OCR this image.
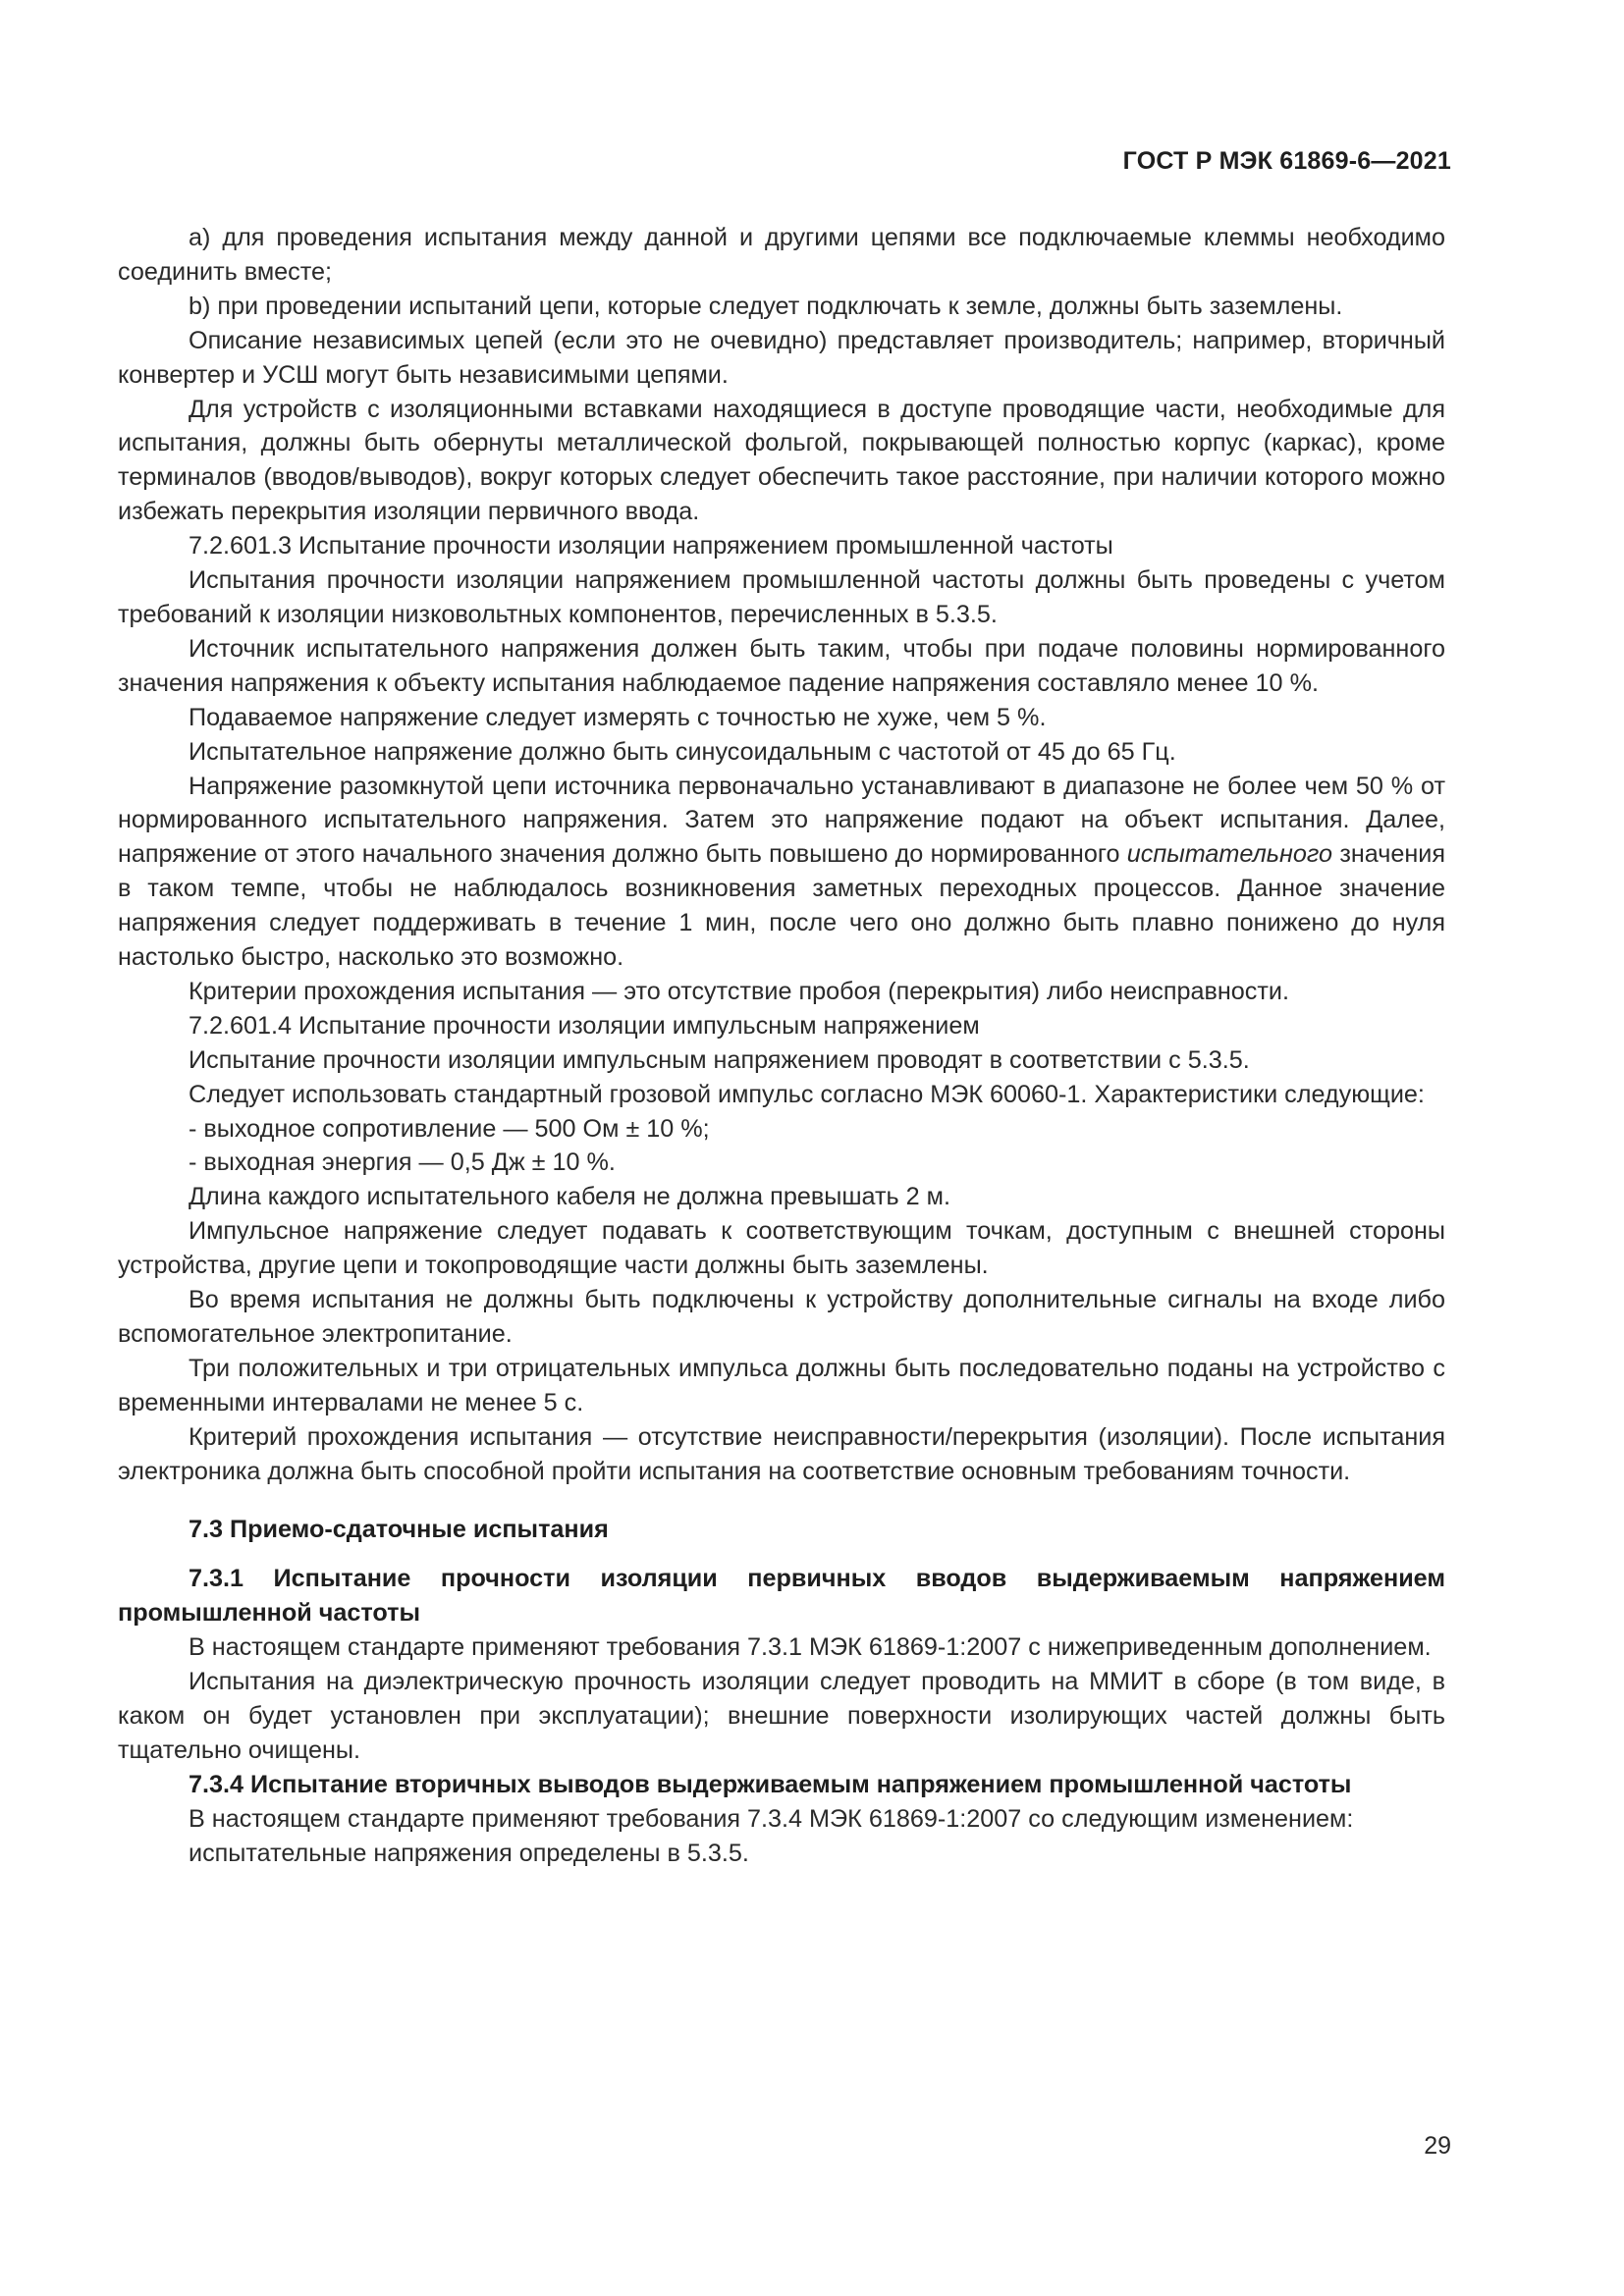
ГОСТ Р МЭК 61869-6—2021

a) для проведения испытания между данной и другими цепями все подключаемые клеммы необходимо соединить вместе;

b) при проведении испытаний цепи, которые следует подключать к земле, должны быть заземлены.

Описание независимых цепей (если это не очевидно) представляет производитель; например, вторичный конвертер и УСШ могут быть независимыми цепями.

Для устройств с изоляционными вставками находящиеся в доступе проводящие части, необходимые для испытания, должны быть обернуты металлической фольгой, покрывающей полностью корпус (каркас), кроме терминалов (вводов/выводов), вокруг которых следует обеспечить такое расстояние, при наличии которого можно избежать перекрытия изоляции первичного ввода.

7.2.601.3 Испытание прочности изоляции напряжением промышленной частоты

Испытания прочности изоляции напряжением промышленной частоты должны быть проведены с учетом требований к изоляции низковольтных компонентов, перечисленных в 5.3.5.

Источник испытательного напряжения должен быть таким, чтобы при подаче половины нормированного значения напряжения к объекту испытания наблюдаемое падение напряжения составляло менее 10 %.

Подаваемое напряжение следует измерять с точностью не хуже, чем 5 %.

Испытательное напряжение должно быть синусоидальным с частотой от 45 до 65 Гц.

Напряжение разомкнутой цепи источника первоначально устанавливают в диапазоне не более чем 50 % от нормированного испытательного напряжения. Затем это напряжение подают на объект испытания. Далее, напряжение от этого начального значения должно быть повышено до нормированного испытательного значения в таком темпе, чтобы не наблюдалось возникновения заметных переходных процессов. Данное значение напряжения следует поддерживать в течение 1 мин, после чего оно должно быть плавно понижено до нуля настолько быстро, насколько это возможно.

Критерии прохождения испытания — это отсутствие пробоя (перекрытия) либо неисправности.

7.2.601.4 Испытание прочности изоляции импульсным напряжением

Испытание прочности изоляции импульсным напряжением проводят в соответствии с 5.3.5.

Следует использовать стандартный грозовой импульс согласно МЭК 60060-1. Характеристики следующие:

- выходное сопротивление — 500 Ом ± 10 %;

- выходная энергия — 0,5 Дж ± 10 %.

Длина каждого испытательного кабеля не должна превышать 2 м.

Импульсное напряжение следует подавать к соответствующим точкам, доступным с внешней стороны устройства, другие цепи и токопроводящие части должны быть заземлены.

Во время испытания не должны быть подключены к устройству дополнительные сигналы на входе либо вспомогательное электропитание.

Три положительных и три отрицательных импульса должны быть последовательно поданы на устройство с временными интервалами не менее 5 с.

Критерий прохождения испытания — отсутствие неисправности/перекрытия (изоляции). После испытания электроника должна быть способной пройти испытания на соответствие основным требованиям точности.

7.3 Приемо-сдаточные испытания

7.3.1 Испытание прочности изоляции первичных вводов выдерживаемым напряжением промышленной частоты

В настоящем стандарте применяют требования 7.3.1 МЭК 61869-1:2007 с нижеприведенным дополнением.

Испытания на диэлектрическую прочность изоляции следует проводить на ММИТ в сборе (в том виде, в каком он будет установлен при эксплуатации); внешние поверхности изолирующих частей должны быть тщательно очищены.

7.3.4 Испытание вторичных выводов выдерживаемым напряжением промышленной частоты

В настоящем стандарте применяют требования 7.3.4 МЭК 61869-1:2007 со следующим изменением:

испытательные напряжения определены в 5.3.5.

29
